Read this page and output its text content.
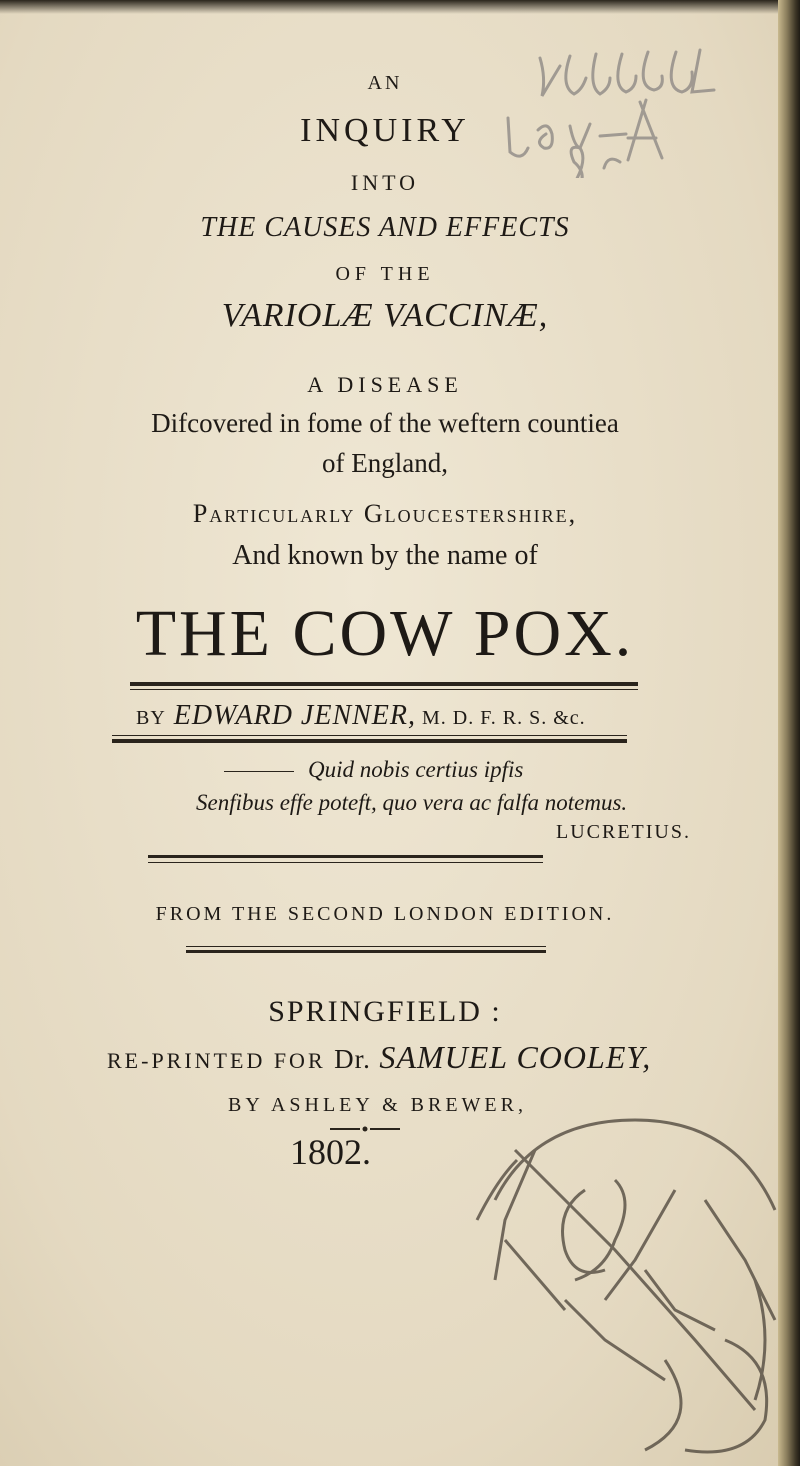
AN
INQUIRY
INTO
THE CAUSES AND EFFECTS
OF THE
VARIOLÆ VACCINÆ,
A DISEASE
Difcovered in fome of the weftern countiea
of England,
Particularly Gloucestershire,
And known by the name of
THE COW POX.
BY EDWARD JENNER, M. D. F. R. S. &c.
Quid nobis certius ipfis
Senfibus effe poteft, quo vera ac falfa notemus.
LUCRETIUS.
FROM THE SECOND LONDON EDITION.
SPRINGFIELD :
RE-PRINTED FOR Dr. SAMUEL COOLEY,
BY ASHLEY & BREWER,
1802.
